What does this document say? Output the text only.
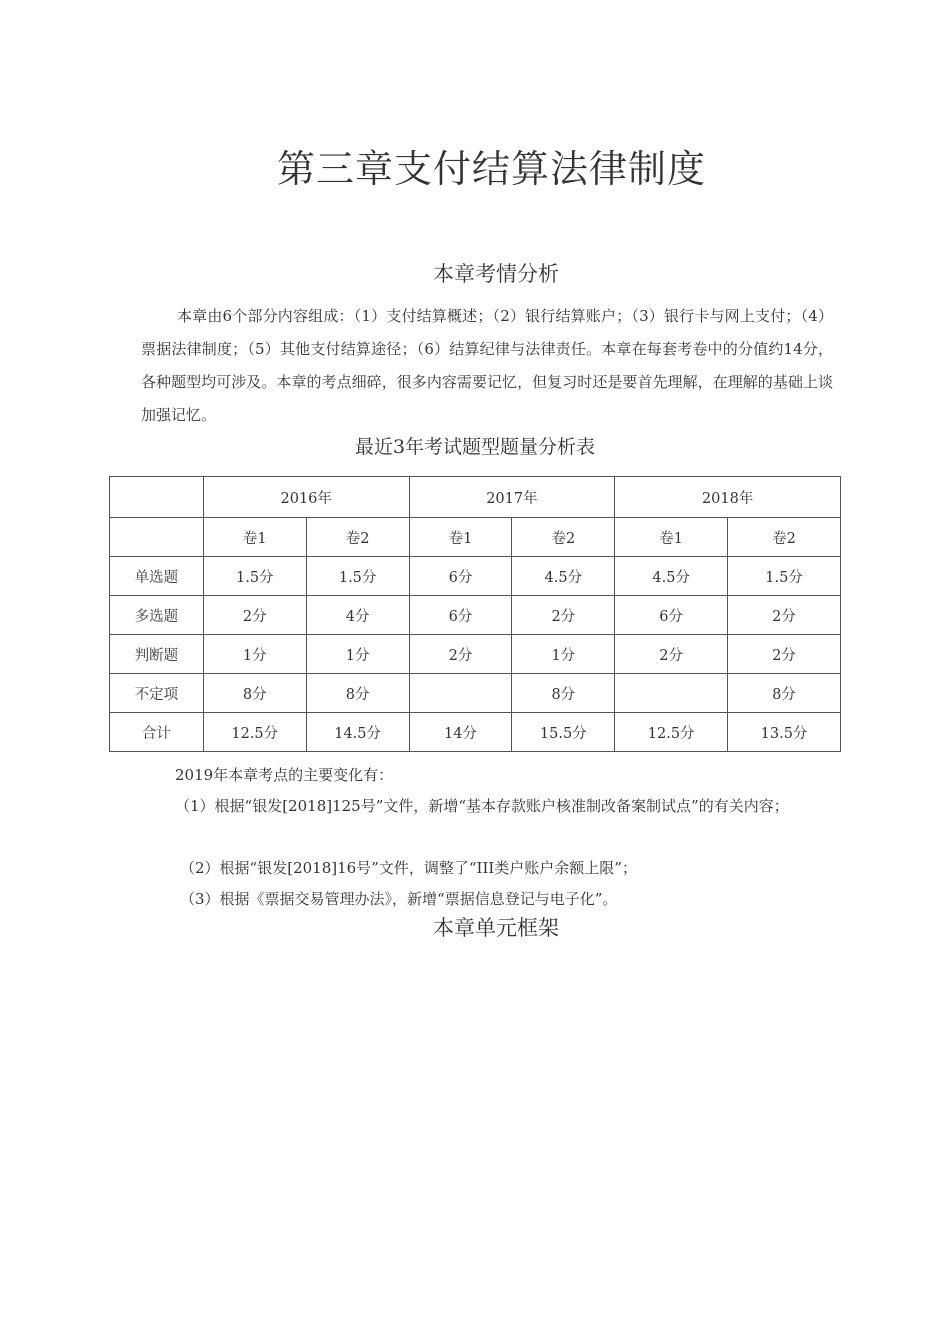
第三章支付结算法律制度
本章考情分析
本章由6个部分内容组成：（1）支付结算概述；（2）银行结算账户；（3）银行卡与网上支付；（4）票据法律制度；（5）其他支付结算途径；（6）结算纪律与法律责任。本章在每套考卷中的分值约14分，各种题型均可涉及。本章的考点细碎，很多内容需要记忆，但复习时还是要首先理解，在理解的基础上谈加强记忆。
最近3年考试题型题量分析表
	2016年		2017年		2018年	
	卷1	卷2	卷1	卷2	卷1	卷2
单选题	1.5分	1.5分	6分	4.5分	4.5分	1.5分
多选题	2分	4分	6分	2分	6分	2分
判断题	1分	1分	2分	1分	2分	2分
不定项	8分	8分		8分		8分
合计	12.5分	14.5分	14分	15.5分	12.5分	13.5分
2019年本章考点的主要变化有：
（1）根据“银发[2018]125号”文件，新增“基本存款账户核准制改备案制试点”的有关内容；
（2）根据“银发[2018]16号”文件，调整了“III类户账户余额上限”；
（3）根据《票据交易管理办法》，新增“票据信息登记与电子化”。
本章单元框架
